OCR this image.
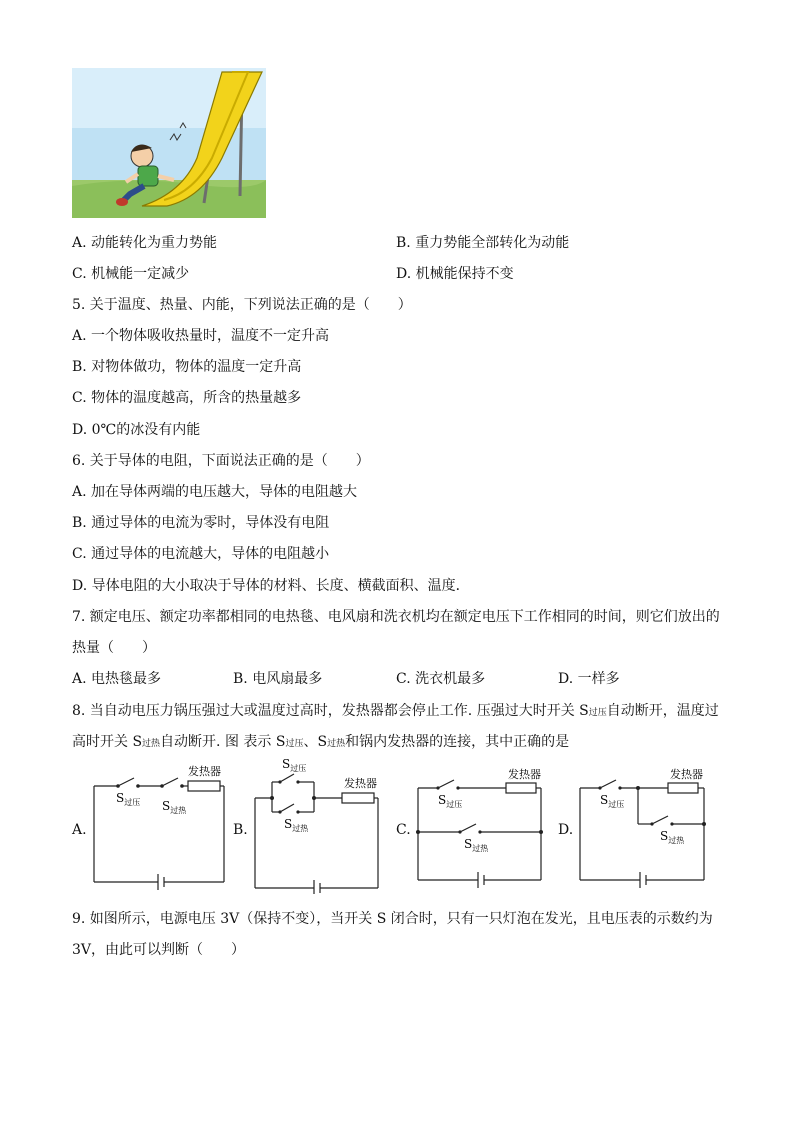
A. 动能转化为重力势能	B. 重力势能全部转化为动能
C. 机械能一定减少	D. 机械能保持不变
5. 关于温度、热量、内能，下列说法正确的是（　　）
A. 一个物体吸收热量时，温度不一定升高
B. 对物体做功，物体的温度一定升高
C. 物体的温度越高，所含的热量越多
D. 0℃的冰没有内能
6. 关于导体的电阻，下面说法正确的是（　　）
A. 加在导体两端的电压越大，导体的电阻越大
B. 通过导体的电流为零时，导体没有电阻
C. 通过导体的电流越大，导体的电阻越小
D. 导体电阻的大小取决于导体的材料、长度、横截面积、温度．
7. 额定电压、额定功率都相同的电热毯、电风扇和洗衣机均在额定电压下工作相同的时间，则它们放出的
热量（　　）
A. 电热毯最多	B. 电风扇最多	C. 洗衣机最多	D. 一样多
8. 当自动电压力锅压强过大或温度过高时，发热器都会停止工作. 压强过大时开关 S过压自动断开，温度过
高时开关 S过热自动断开. 图 表示 S过压、S过热和锅内发热器的连接，其中正确的是
A.
发热器
$S_{过压}$ $S_{过热}$
B.
发热器
$S_{过压}$
$S_{过热}$	C.
发热器
$S_{过压}$
$S_{过热}$
D.
发热器
$S_{过压}$
$S_{过热}$
9. 如图所示，电源电压 3V（保持不变），当开关 S 闭合时，只有一只灯泡在发光，且电压表的示数约为
3V，由此可以判断（　　）
